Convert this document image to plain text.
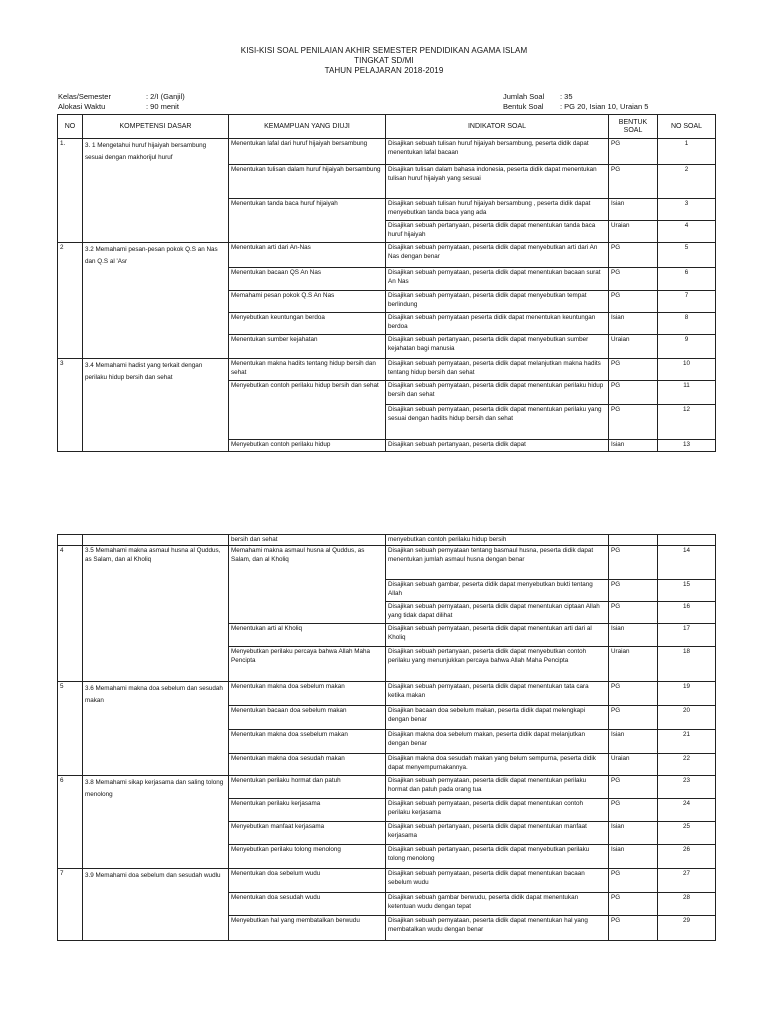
KISI-KISI SOAL PENILAIAN AKHIR SEMESTER PENDIDIKAN AGAMA ISLAM
TINGKAT SD/MI
TAHUN PELAJARAN 2018-2019
Kelas/Semester	: 2/I (Ganjil)
Alokasi Waktu	: 90 menit
Jumlah Soal : 35
Bentuk Soal : PG 20, Isian 10, Uraian 5
NO	KOMPETENSI DASAR	KEMAMPUAN YANG DIUJI	INDIKATOR SOAL	BENTUK SOAL	NO SOAL
1.	3. 1 Mengetahui huruf hijaiyah bersambung sesuai dengan makhorijul huruf	Menentukan lafal dari huruf hijaiyah bersambung	Disajikan sebuah tulisan huruf hijaiyah bersambung, peserta didik dapat menentukan lafal bacaan	PG	1
		Menentukan tulisan dalam huruf hijaiyah bersambung	Disajikan tulisan dalam bahasa indonesia, peserta didik dapat menentukan tulisan huruf hijaiyah yang sesuai	PG	2
		Menentukan tanda baca huruf hijaiyah	Disajikan sebuah tulisan huruf hijaiyah bersambung , peserta didik dapat menyebutkan tanda baca yang ada	Isian	3
			Disajikan sebuah pertanyaan, peserta didik dapat menentukan tanda baca huruf hijaiyah	Uraian	4
2	3.2 Memahami pesan-pesan pokok Q.S an Nas dan Q.S al 'Asr	Menentukan arti dari An-Nas	Disajikan sebuah pernyataan, peserta didik dapat menyebutkan arti dari An Nas dengan benar	PG	5
		Menentukan bacaan QS An Nas	Disajikan sebuah pernyataan, peserta didik dapat menentukan bacaan surat An Nas	PG	6
		Memahami pesan pokok Q.S An Nas	Disajikan sebuah pernyataan, peserta didik dapat menyebutkan tempat berlindung	PG	7
		Menyebutkan keuntungan berdoa	Disajikan sebuah pernyataan peserta didik dapat menentukan keuntungan berdoa	Isian	8
		Menentukan sumber kejahatan	Disajikan sebuah pertanyaan, peserta didik dapat menyebutkan sumber kejahatan bagi manusia	Uraian	9
3	3.4 Memahami hadist yang terkait dengan perilaku hidup bersih dan sehat	Menentukan makna hadits tentang hidup bersih dan sehat	Disajikan sebuah pernyataan, peserta didik dapat melanjutkan makna hadits tentang hidup bersih dan sehat	PG	10
		Menyebutkan contoh perilaku hidup bersih dan sehat	Disajikan sebuah pernyataan, peserta didik dapat menentukan perilaku hidup bersih dan sehat	PG	11
			Disajikan sebuah pernyataan, peserta didik dapat menentukan perilaku yang sesuai dengan hadits hidup bersih dan sehat	PG	12
		Menyebutkan contoh perilaku hidup	Disajikan sebuah pertanyaan, peserta didik dapat	Isian	13
		bersih dan sehat	menyebutkan contoh perilaku hidup bersih		
4	3.5 Memahami makna asmaul husna al Quddus, as Salam, dan al Kholiq	Memahami makna asmaul husna al Quddus, as Salam, dan al Kholiq	Disajikan sebuah pernyataan tentang basmaul husna, peserta didik dapat menentukan jumlah asmaul husna dengan benar	PG	14
			Disajikan sebuah gambar, peserta didik dapat menyebutkan bukti tentang Allah	PG	15
			Disajikan sebuah pernyataan, peserta didik dapat menentukan ciptaan Allah yang tidak dapat dilihat	PG	16
		Menentukan arti al Kholiq	Disajikan sebuah pernyataan, peserta didik dapat menentukan arti dari al Kholiq	Isian	17
		Menyebutkan perilaku percaya bahwa Allah Maha Pencipta	Disajikan sebuah pertanyaan, peserta didik dapat menyebutkan contoh perilaku yang menunjukkan percaya bahwa Allah Maha Pencipta	Uraian	18
5	3.6 Memahami makna doa sebelum dan sesudah makan	Menentukan makna doa sebelum makan	Disajikan sebuah pernyataan, peserta didik dapat menentukan tata cara ketika makan	PG	19
		Menentukan bacaan doa sebelum makan	Disajikan bacaan doa sebelum makan, peserta didik dapat melengkapi dengan benar	PG	20
		Menentukan makna doa ssebelum makan	Disajikan makna doa sebelum makan, peserta didik dapat melanjutkan dengan benar	Isian	21
		Menentukan makna doa sesudah makan	Disajikan makna doa sesudah makan yang belum sempurna, peserta didik dapat menyempurnakannya.	Uraian	22
6	3.8 Memahami sikap kerjasama dan saling tolong menolong	Menentukan perilaku hormat dan patuh	Disajikan sebuah pernyataan, peserta didik dapat menentukan perilaku hormat dan patuh pada orang tua	PG	23
		Menentukan perilaku kerjasama	Disajikan sebuah pernyataan, peserta didik dapat menentukan contoh perilaku kerjasama	PG	24
		Menyebutkan manfaat kerjasama	Disajikan sebuah pertanyaan, peserta didik dapat menentukan manfaat kerjasama	Isian	25
		Menyebutkan perilaku tolong menolong	Disajikan sebuah pertanyaan, peserta didik dapat menyebutkan perilaku tolong menolong	Isian	26
7	3.9 Memahami doa sebelum dan sesudah wudlu	Menentukan doa sebelum wudu	Disajikan sebuah pernyataan, peserta didik dapat menentukan bacaan sebelum wudu	PG	27
		Menentukan doa sesudah wudu	Disajikan sebuah gambar berwudu, peserta didik dapat menentukan ketentuan wudu dengan tepat	PG	28
		Menyebutkan hal yang membatalkan berwudu	Disajikan sebuah pernyataan, peserta didik dapat menentukan hal yang membatalkan wudu dengan benar	PG	29
